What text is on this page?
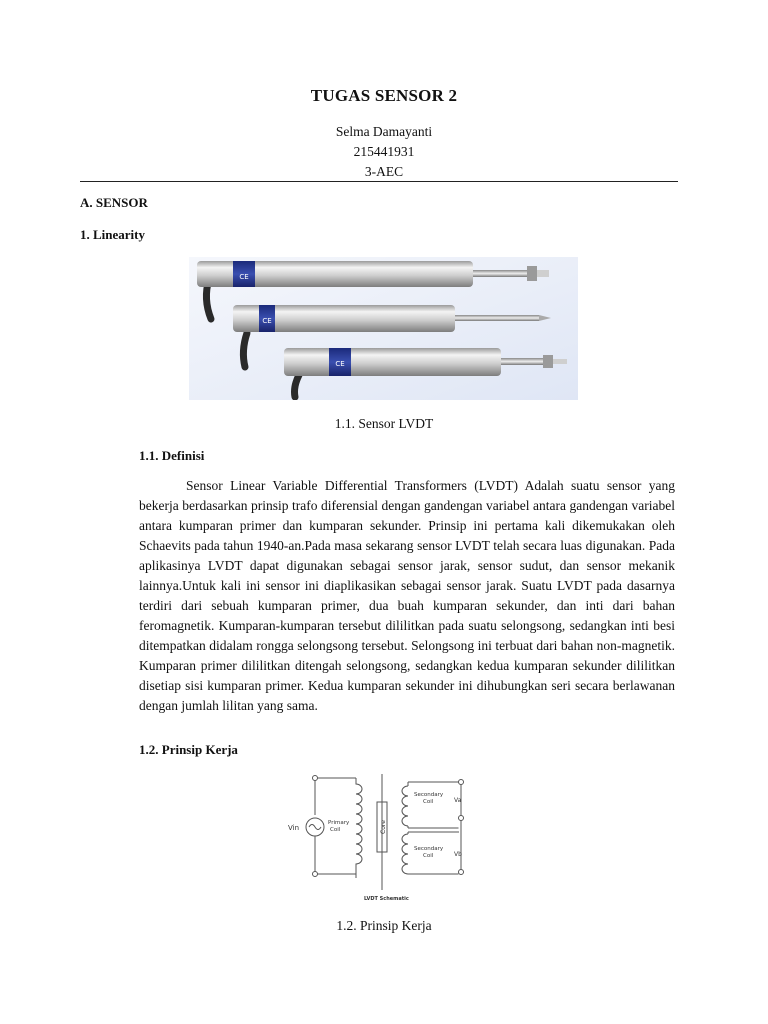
TUGAS SENSOR 2
Selma Damayanti
215441931
3-AEC
A. SENSOR
1. Linearity
CE
CE
CE
1.1. Sensor LVDT
1.1. Definisi

Sensor Linear Variable Differential Transformers (LVDT) Adalah suatu sensor yang bekerja berdasarkan prinsip trafo diferensial dengan gandengan variabel antara gandengan variabel antara kumparan primer dan kumparan sekunder. Prinsip ini pertama kali dikemukakan oleh Schaevits pada tahun 1940-an.Pada masa sekarang sensor LVDT telah secara luas digunakan. Pada aplikasinya LVDT dapat digunakan sebagai sensor jarak, sensor sudut, dan sensor mekanik lainnya.Untuk kali ini sensor ini diaplikasikan sebagai sensor jarak. Suatu LVDT pada dasarnya terdiri dari sebuah kumparan primer, dua buah kumparan sekunder, dan inti dari bahan feromagnetik. Kumparan-kumparan tersebut dililitkan pada suatu selongsong, sedangkan inti besi ditempatkan didalam rongga selongsong tersebut. Selongsong ini terbuat dari bahan non-magnetik. Kumparan primer dililitkan ditengah selongsong, sedangkan kedua kumparan sekunder dililitkan disetiap sisi kumparan primer. Kedua kumparan sekunder ini dihubungkan seri secara berlawanan dengan jumlah lilitan yang sama.

1.2. Prinsip Kerja
Vin
Primary
Coil	Core
Secondary
Coil	Va
Secondary
Coil	Vb
LVDT Schematic
1.2. Prinsip Kerja
